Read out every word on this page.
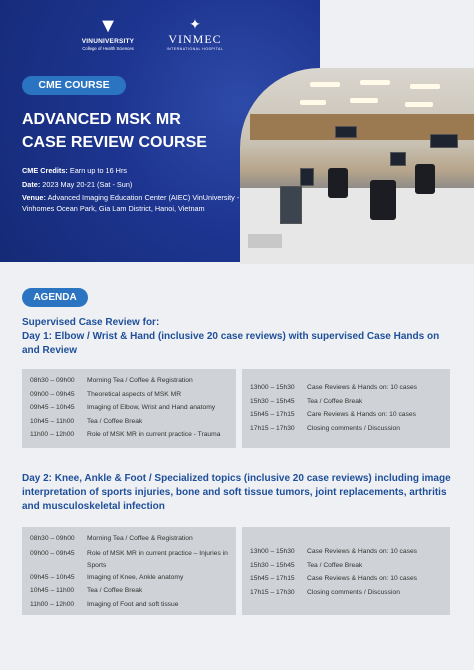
▼
VINUNIVERSITY
College of Health Sciences
✦
VINMEC
INTERNATIONAL HOSPITAL
CME COURSE
ADVANCED MSK MR
CASE REVIEW COURSE
CME Credits: Earn up to 16 Hrs
Date: 2023 May 20-21 (Sat - Sun)
Venue: Advanced Imaging Education Center (AIEC) VinUniversity - Vinhomes Ocean Park, Gia Lam District, Hanoi, Vietnam
AGENDA
Supervised Case Review for:
Day 1: Elbow / Wrist & Hand (inclusive 20 case reviews) with supervised Case Hands on and Review
08h30 – 09h00	Morning Tea / Coffee & Registration
09h00 – 09h45	Theoretical aspects of MSK MR
09h45 – 10h45	Imaging of Elbow, Wrist and Hand anatomy
10h45 – 11h00	Tea / Coffee Break
11h00 – 12h00	Role of MSK MR in current practice - Trauma
13h00 – 15h30	Case Reviews & Hands on: 10 cases
15h30 – 15h45	Tea / Coffee Break
15h45 – 17h15	Care Reviews & Hands on: 10 cases
17h15 – 17h30	Closing comments / Discussion
Day 2: Knee, Ankle & Foot / Specialized topics (inclusive 20 case reviews) including image interpretation of sports injuries, bone and soft tissue tumors, joint replacements, arthritis and musculoskeletal infection
08h30 – 09h00	Morning Tea / Coffee & Registration
09h00 – 09h45	Role of MSK MR in current practice – Injuries in Sports
09h45 – 10h45	Imaging of Knee, Ankle anatomy
10h45 – 11h00	Tea / Coffee Break
11h00 – 12h00	Imaging of Foot and soft tissue
13h00 – 15h30	Case Reviews & Hands on: 10 cases
15h30 – 15h45	Tea / Coffee Break
15h45 – 17h15	Case Reviews & Hands on: 10 cases
17h15 – 17h30	Closing comments / Discussion
